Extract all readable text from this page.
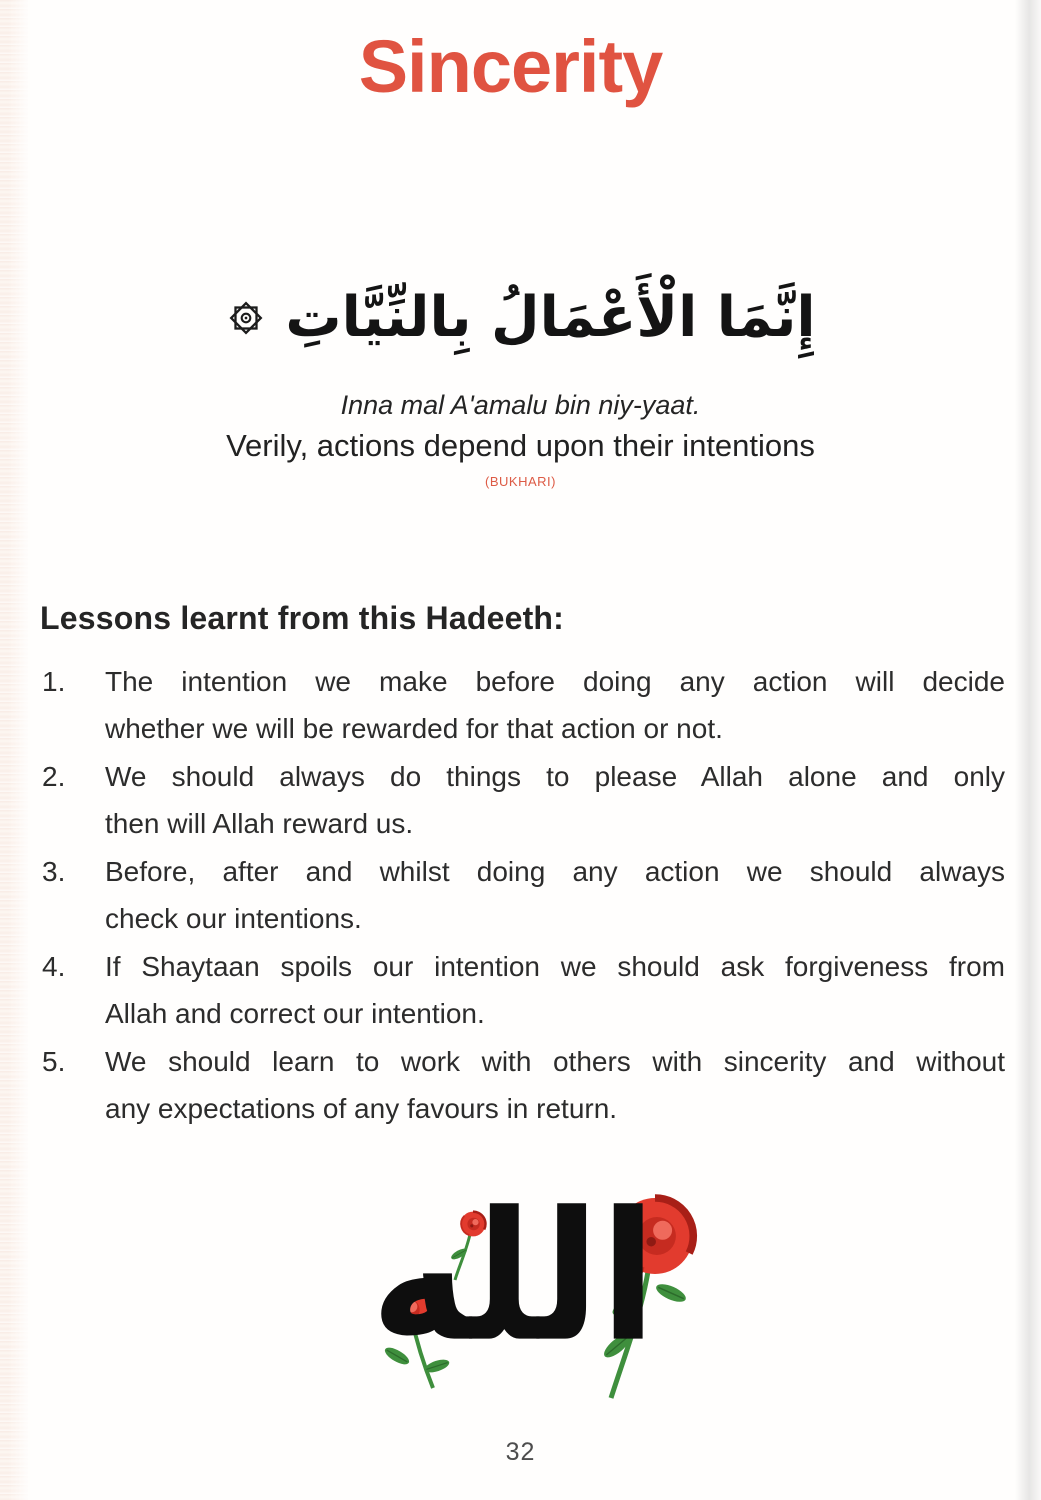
Sincerity
إِنَّمَا الْأَعْمَالُ بِالنِّيَّاتِ
Inna mal A'amalu bin niy-yaat.
Verily, actions depend upon their intentions
(BUKHARI)
Lessons learnt from this Hadeeth:
1.	The intention we make before doing any action will decide
whether we will be rewarded for that action or not.
2.	We should always do things to please Allah alone and only
then will Allah reward us.
3.	Before, after and whilst doing any action we should always
check our intentions.
4.	If Shaytaan spoils our intention we should ask forgiveness from
Allah and correct our intention.
5.	We should learn to work with others with sincerity and without
any expectations of any favours in return.
الله
32
